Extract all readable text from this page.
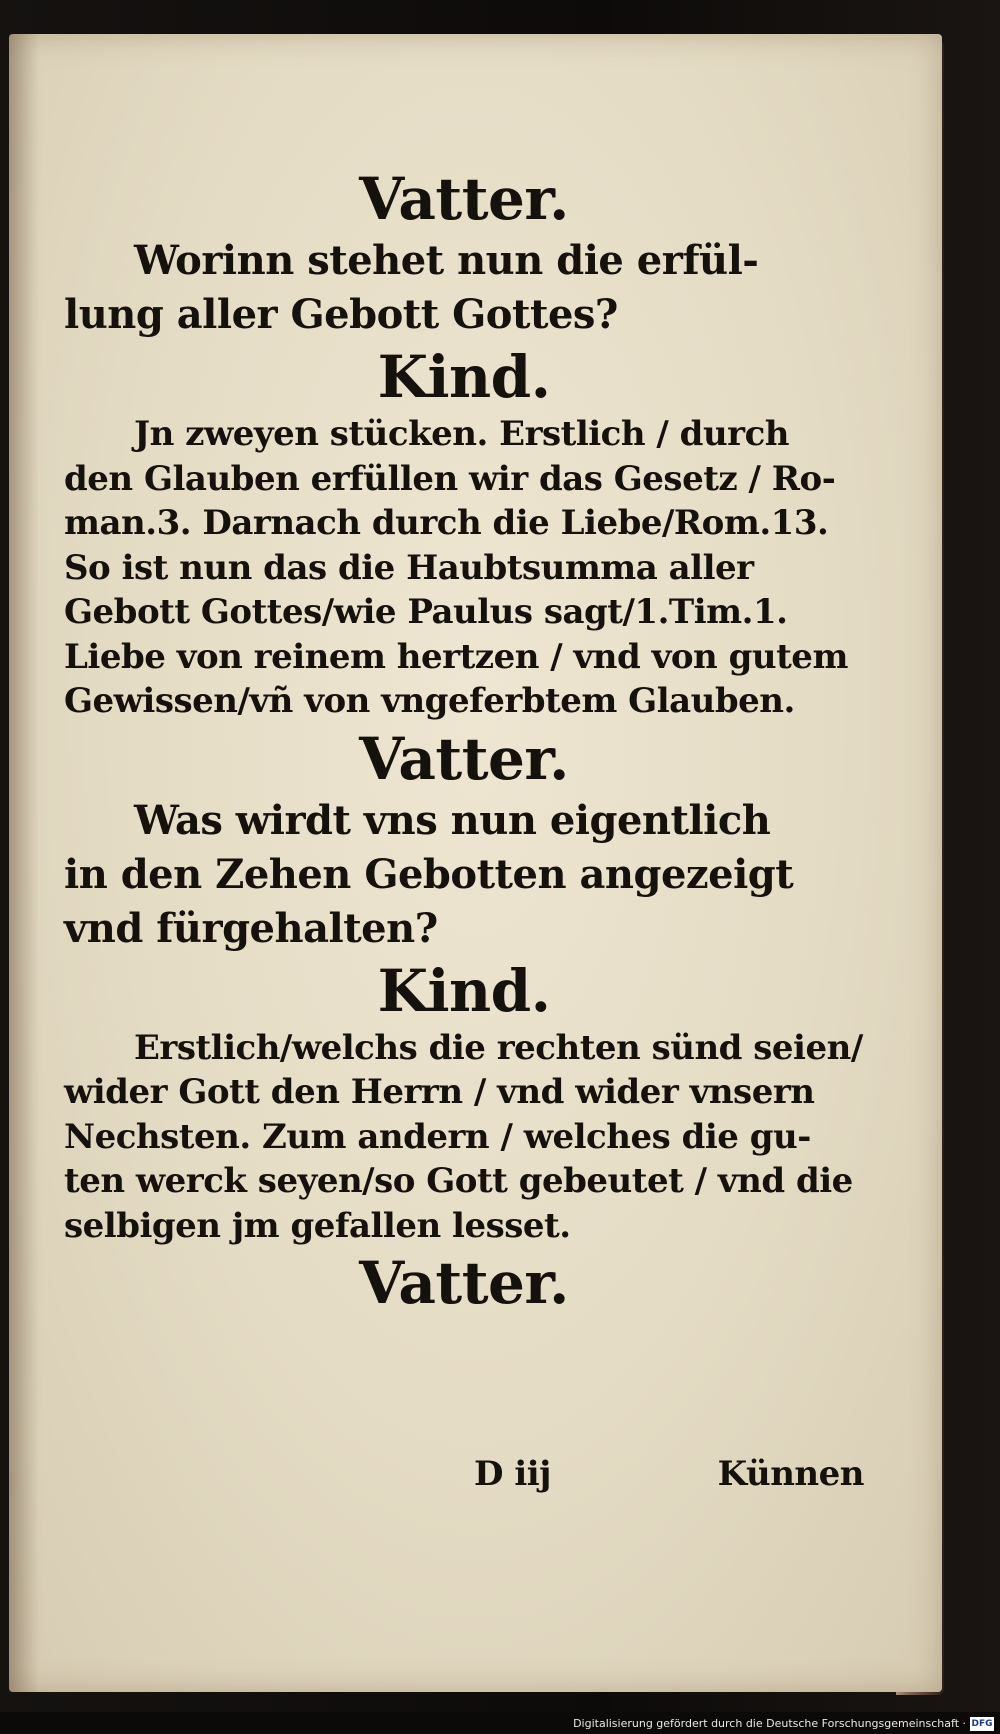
Vatter.

Worinn stehet nun die erfül-

lung aller Gebott Gottes?

Kind.

Jn zweyen stücken. Erstlich / durch

den Glauben erfüllen wir das Gesetz / Ro-

man.3. Darnach durch die Liebe/Rom.13.

So ist nun das die Haubtsumma aller

Gebott Gottes/wie Paulus sagt/1.Tim.1.

Liebe von reinem hertzen / vnd von gutem

Gewissen/vñ von vngeferbtem Glauben.

Vatter.

Was wirdt vns nun eigentlich

in den Zehen Gebotten angezeigt

vnd fürgehalten?

Kind.

Erstlich/welchs die rechten sünd seien/

wider Gott den Herrn / vnd wider vnsern

Nechsten. Zum andern / welches die gu-

ten werck seyen/so Gott gebeutet / vnd die

selbigen jm gefallen lesset.

Vatter.

D iij	Künnen
Digitalisierung gefördert durch die Deutsche Forschungsgemeinschaft · DFG
